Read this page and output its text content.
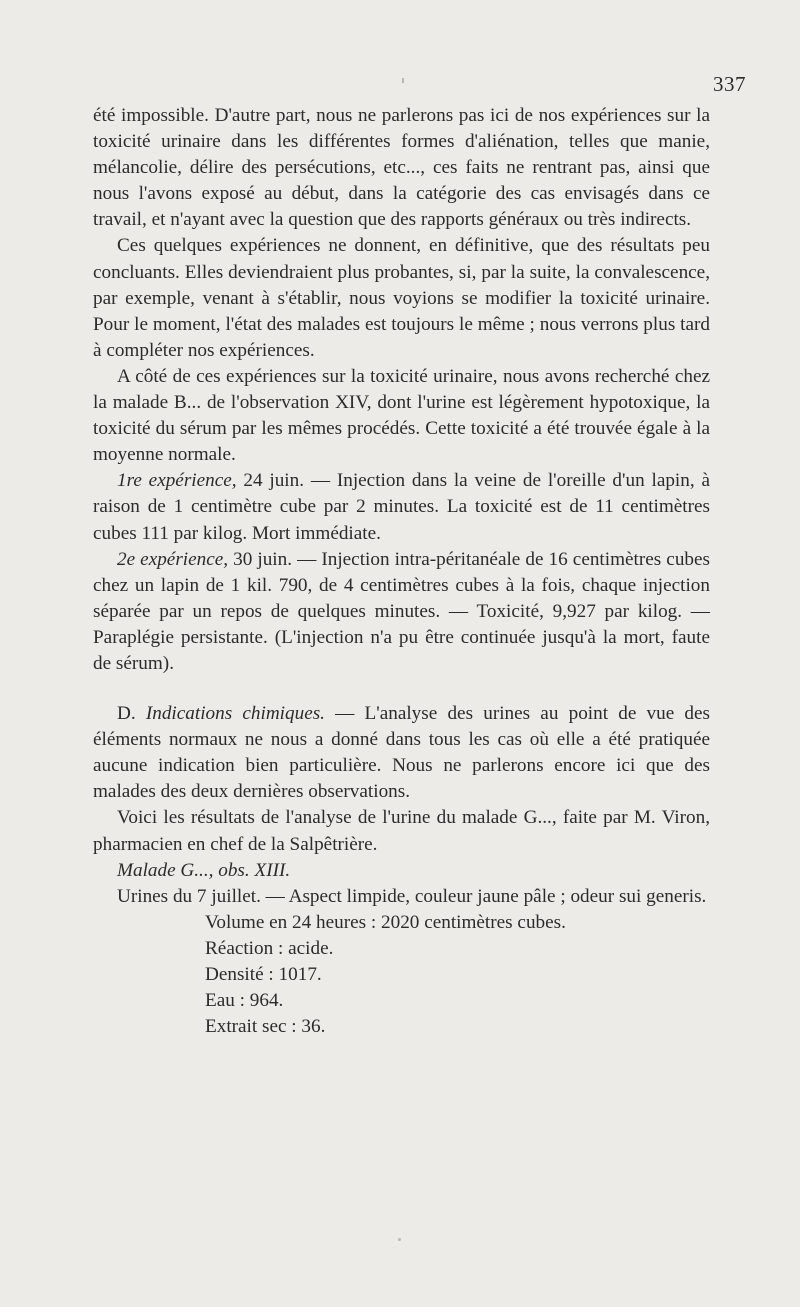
337

été impossible. D'autre part, nous ne parlerons pas ici de nos expériences sur la toxicité urinaire dans les différentes formes d'aliénation, telles que manie, mélancolie, délire des persécutions, etc..., ces faits ne rentrant pas, ainsi que nous l'avons exposé au début, dans la catégorie des cas envisagés dans ce travail, et n'ayant avec la question que des rapports généraux ou très indirects.

Ces quelques expériences ne donnent, en définitive, que des résultats peu concluants. Elles deviendraient plus probantes, si, par la suite, la convalescence, par exemple, venant à s'établir, nous voyions se modifier la toxicité urinaire. Pour le moment, l'état des malades est toujours le même ; nous verrons plus tard à compléter nos expériences.

A côté de ces expériences sur la toxicité urinaire, nous avons recherché chez la malade B... de l'observation XIV, dont l'urine est légèrement hypotoxique, la toxicité du sérum par les mêmes procédés. Cette toxicité a été trouvée égale à la moyenne normale.

1re expérience, 24 juin. — Injection dans la veine de l'oreille d'un lapin, à raison de 1 centimètre cube par 2 minutes. La toxicité est de 11 centimètres cubes 111 par kilog. Mort immédiate.

2e expérience, 30 juin. — Injection intra-péritanéale de 16 centimètres cubes chez un lapin de 1 kil. 790, de 4 centimètres cubes à la fois, chaque injection séparée par un repos de quelques minutes. — Toxicité, 9,927 par kilog. — Paraplégie persistante. (L'injection n'a pu être continuée jusqu'à la mort, faute de sérum).

D. Indications chimiques. — L'analyse des urines au point de vue des éléments normaux ne nous a donné dans tous les cas où elle a été pratiquée aucune indication bien particulière. Nous ne parlerons encore ici que des malades des deux dernières observations.

Voici les résultats de l'analyse de l'urine du malade G..., faite par M. Viron, pharmacien en chef de la Salpêtrière.

Malade G..., obs. XIII.

Urines du 7 juillet. — Aspect limpide, couleur jaune pâle ; odeur sui generis.

Volume en 24 heures : 2020 centimètres cubes.
Réaction : acide.
Densité : 1017.
Eau : 964.
Extrait sec : 36.
